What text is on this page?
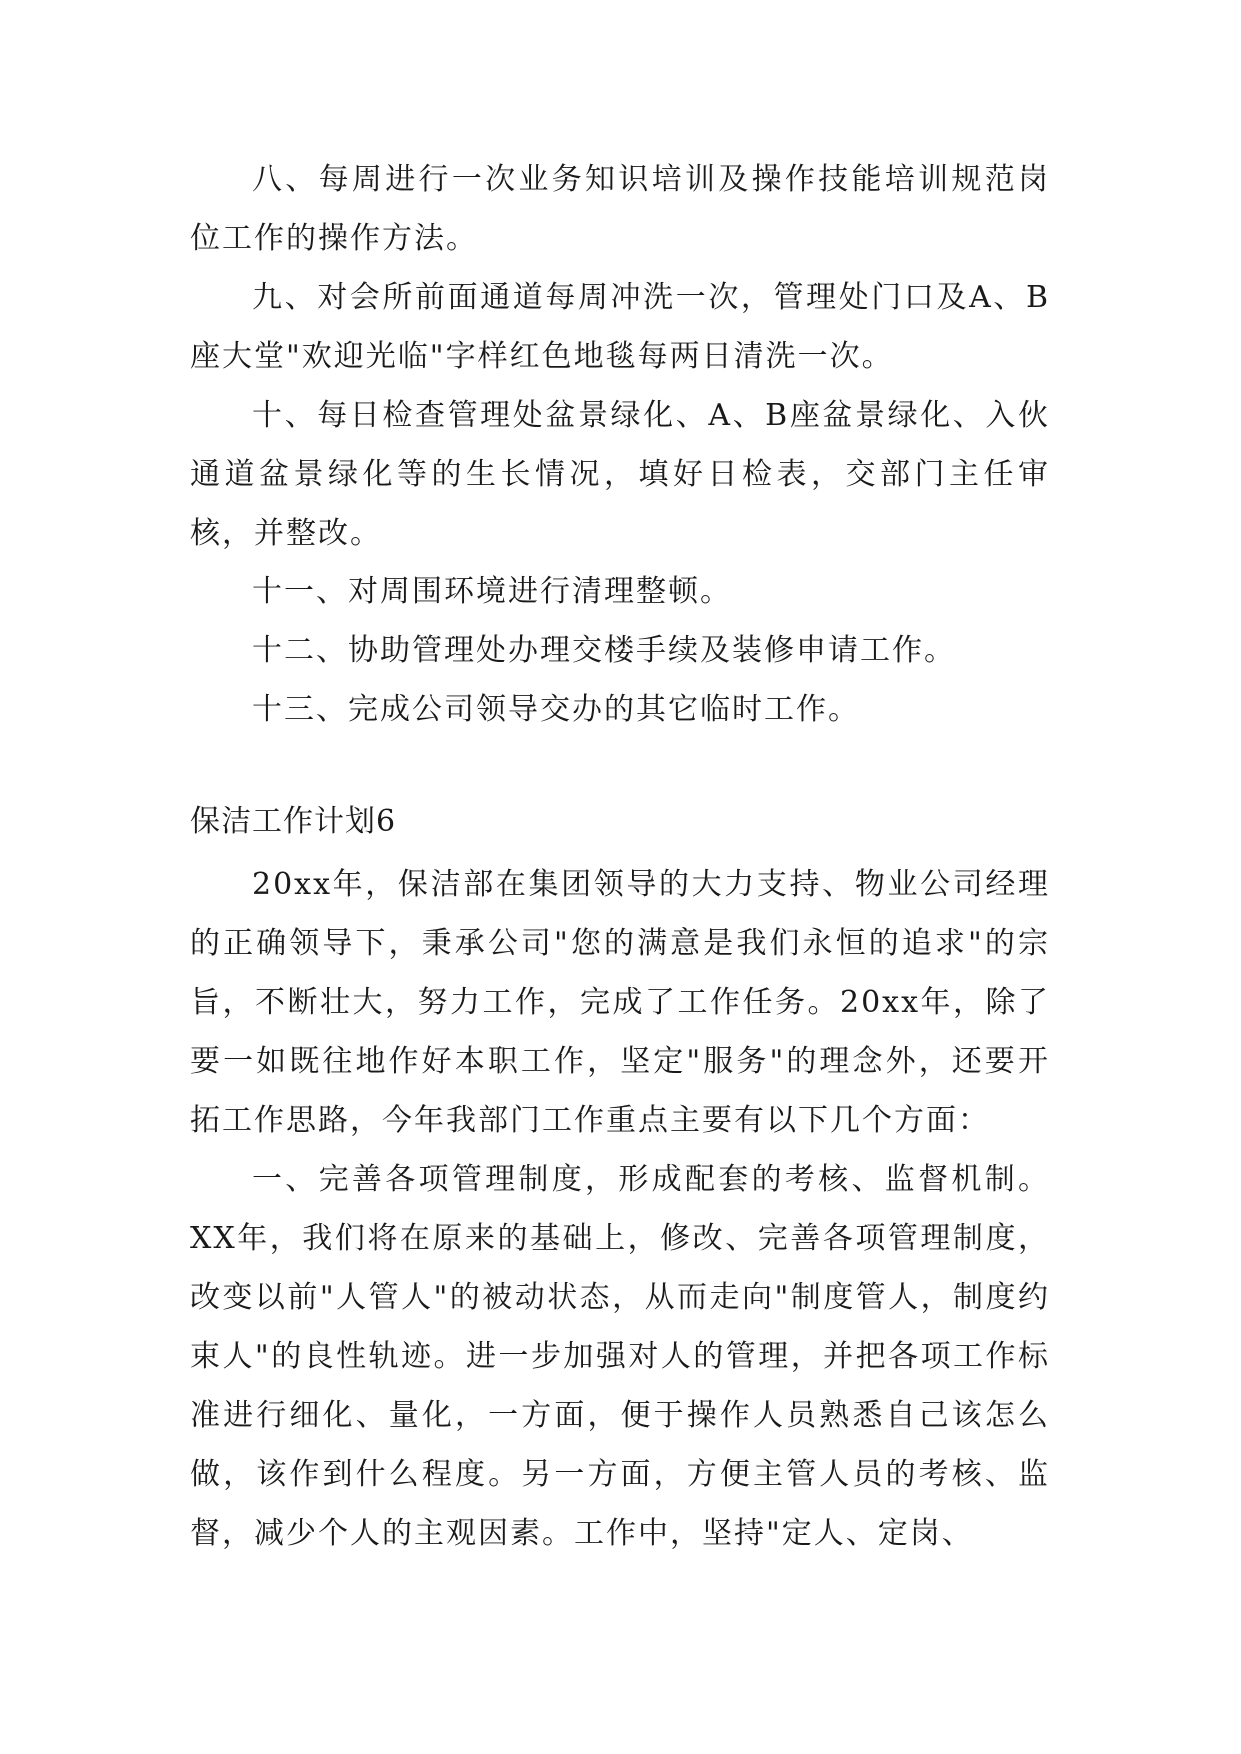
八、每周进行一次业务知识培训及操作技能培训规范岗位工作的操作方法。

九、对会所前面通道每周冲洗一次，管理处门口及A、B座大堂"欢迎光临"字样红色地毯每两日清洗一次。

十、每日检查管理处盆景绿化、A、B座盆景绿化、入伙通道盆景绿化等的生长情况，填好日检表，交部门主任审核，并整改。

十一、对周围环境进行清理整顿。

十二、协助管理处办理交楼手续及装修申请工作。

十三、完成公司领导交办的其它临时工作。

保洁工作计划6

20xx年，保洁部在集团领导的大力支持、物业公司经理的正确领导下，秉承公司"您的满意是我们永恒的追求"的宗旨，不断壮大，努力工作，完成了工作任务。20xx年，除了要一如既往地作好本职工作，坚定"服务"的理念外，还要开拓工作思路，今年我部门工作重点主要有以下几个方面：

一、完善各项管理制度，形成配套的考核、监督机制。XX年，我们将在原来的基础上，修改、完善各项管理制度，改变以前"人管人"的被动状态，从而走向"制度管人，制度约束人"的良性轨迹。进一步加强对人的管理，并把各项工作标准进行细化、量化，一方面，便于操作人员熟悉自己该怎么做，该作到什么程度。另一方面，方便主管人员的考核、监督，减少个人的主观因素。工作中，坚持"定人、定岗、
